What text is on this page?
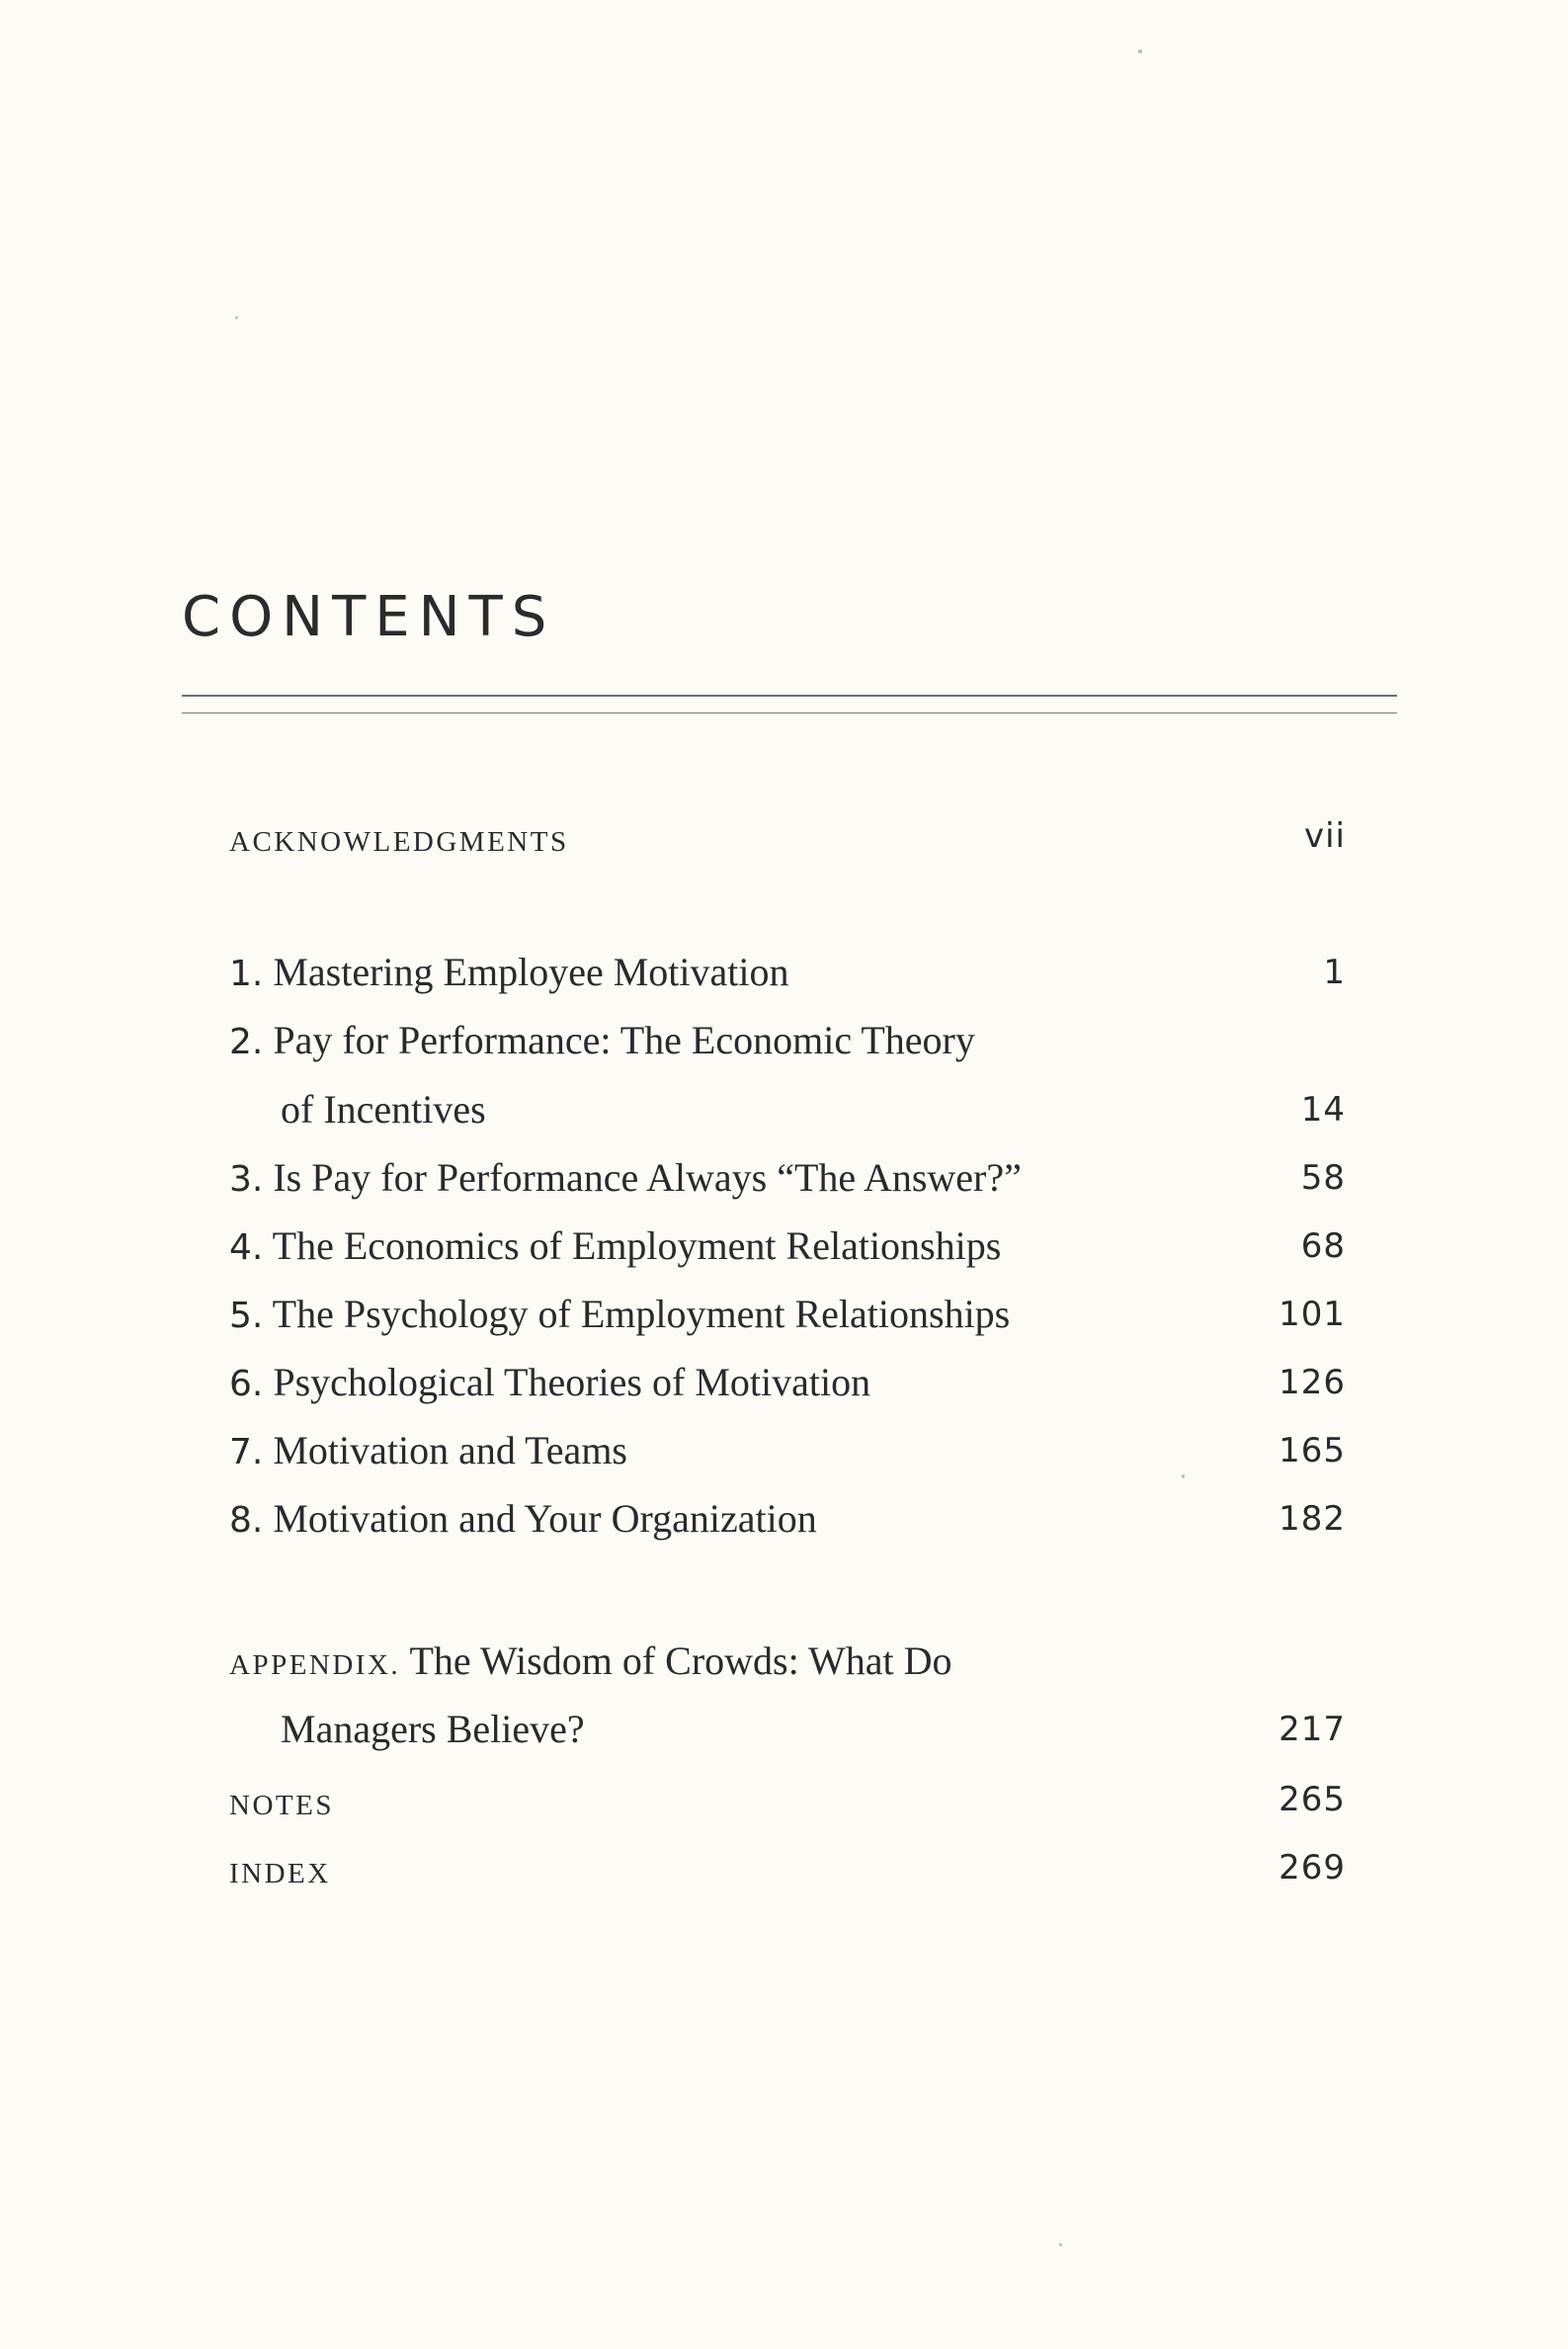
CONTENTS
ACKNOWLEDGMENTS	vii
1. Mastering Employee Motivation	1
2. Pay for Performance: The Economic Theory
of Incentives	14
3. Is Pay for Performance Always “The Answer?”	58
4. The Economics of Employment Relationships	68
5. The Psychology of Employment Relationships	101
6. Psychological Theories of Motivation	126
7. Motivation and Teams	165
8. Motivation and Your Organization	182
APPENDIX. The Wisdom of Crowds: What Do
Managers Believe?	217
NOTES	265
INDEX	269
